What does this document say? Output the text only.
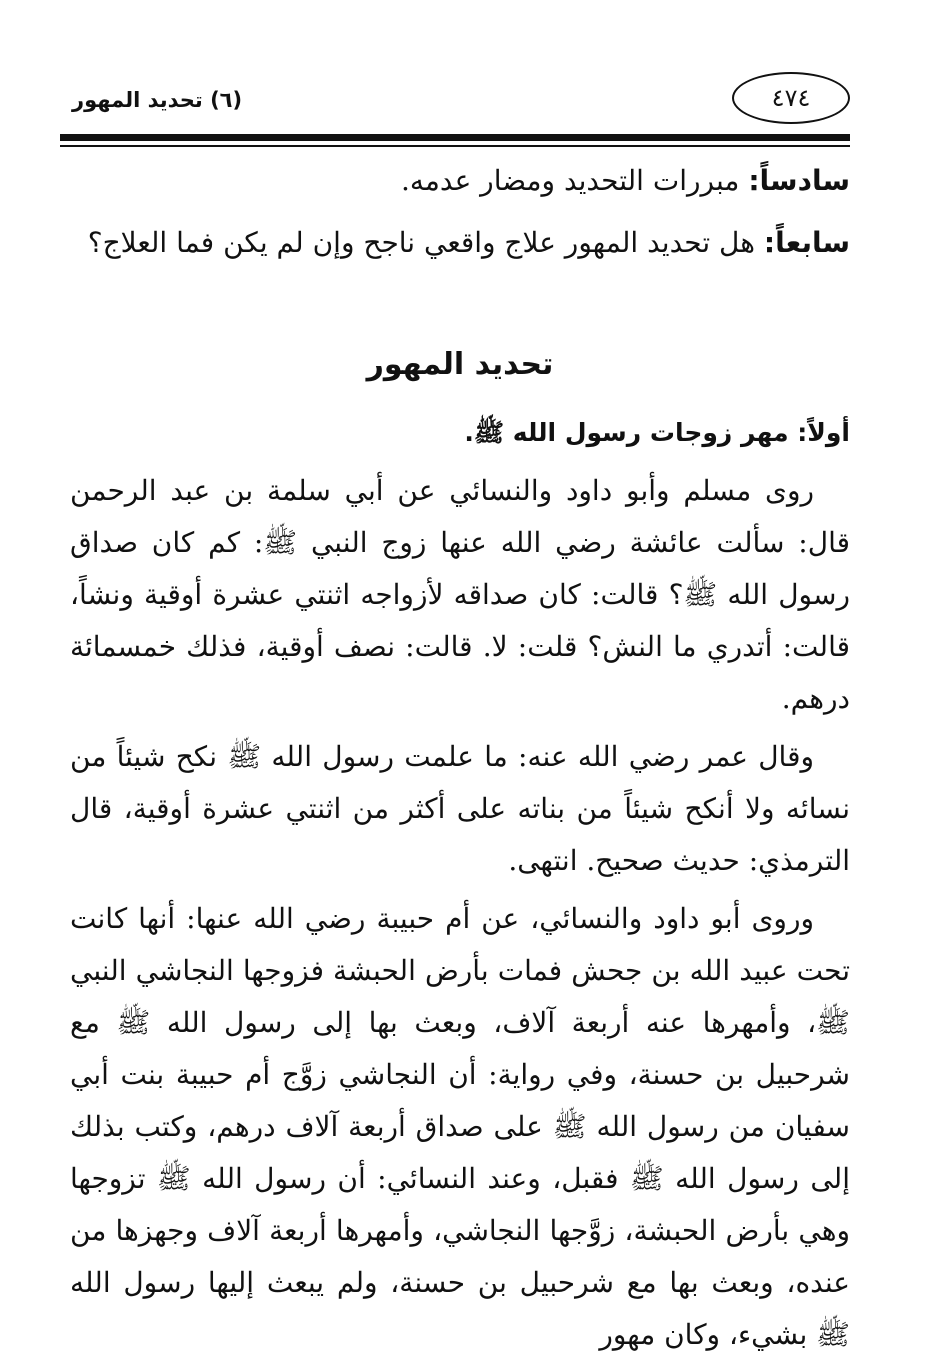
(٦) تحديد المهور	٤٧٤

سادساً: مبررات التحديد ومضار عدمه.

سابعاً: هل تحديد المهور علاج واقعي ناجح وإن لم يكن فما العلاج؟

تحديد المهور
أولاً: مهر زوجات رسول الله ﷺ.

روى مسلم وأبو داود والنسائي عن أبي سلمة بن عبد الرحمن قال: سألت عائشة رضي الله عنها زوج النبي ﷺ: كم كان صداق رسول الله ﷺ؟ قالت: كان صداقه لأزواجه اثنتي عشرة أوقية ونشاً، قالت: أتدري ما النش؟ قلت: لا. قالت: نصف أوقية، فذلك خمسمائة درهم.

وقال عمر رضي الله عنه: ما علمت رسول الله ﷺ نكح شيئاً من نسائه ولا أنكح شيئاً من بناته على أكثر من اثنتي عشرة أوقية، قال الترمذي: حديث صحيح. انتهى.

وروى أبو داود والنسائي، عن أم حبيبة رضي الله عنها: أنها كانت تحت عبيد الله بن جحش فمات بأرض الحبشة فزوجها النجاشي النبي ﷺ، وأمهرها عنه أربعة آلاف، وبعث بها إلى رسول الله ﷺ مع شرحبيل بن حسنة، وفي رواية: أن النجاشي زوَّج أم حبيبة بنت أبي سفيان من رسول الله ﷺ على صداق أربعة آلاف درهم، وكتب بذلك إلى رسول الله ﷺ فقبل، وعند النسائي: أن رسول الله ﷺ تزوجها وهي بأرض الحبشة، زوَّجها النجاشي، وأمهرها أربعة آلاف وجهزها من عنده، وبعث بها مع شرحبيل بن حسنة، ولم يبعث إليها رسول الله ﷺ بشيء، وكان مهور
